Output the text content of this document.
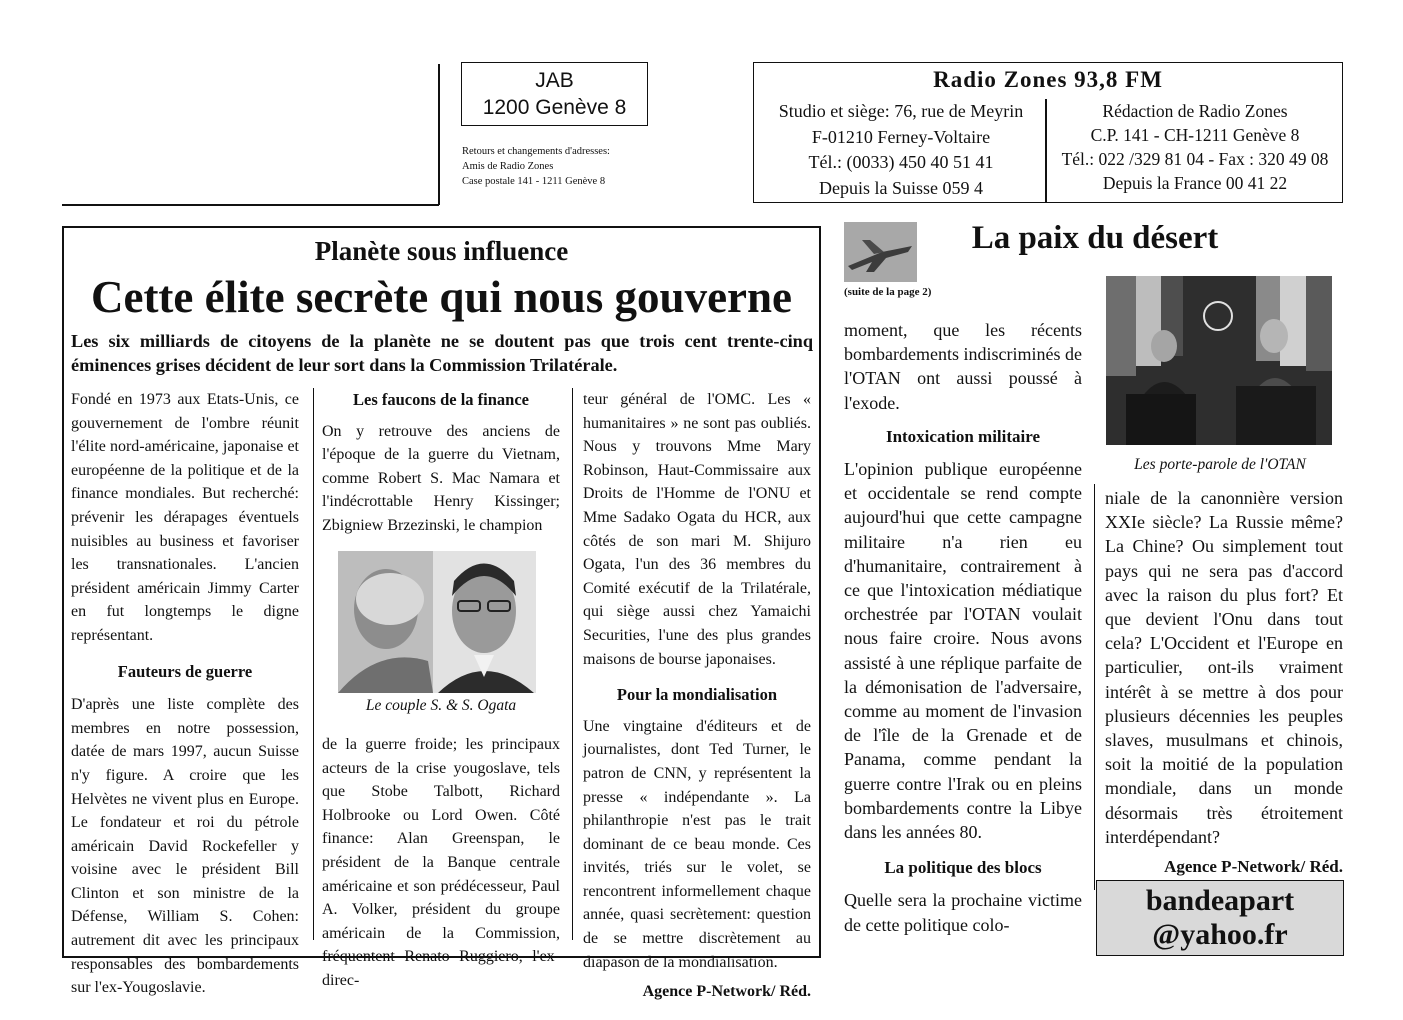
JAB
1200 Genève 8
Retours et changements d'adresses:
Amis de Radio Zones
Case postale 141 - 1211 Genève 8
Radio Zones 93,8 FM
Studio et siège: 76, rue de Meyrin
F-01210 Ferney-Voltaire
Tél.: (0033) 450 40 51 41
Depuis la Suisse 059 4
Rédaction de Radio Zones
C.P. 141 - CH-1211 Genève 8
Tél.: 022 /329 81 04 - Fax : 320 49 08
Depuis la France 00 41 22
Planète sous influence
Cette élite secrète qui nous gouverne
Les six milliards de citoyens de la planète ne se doutent pas que trois cent trente-cinq éminences grises décident de leur sort dans la Commission Trilatérale.

Fondé en 1973 aux Etats-Unis, ce gouvernement de l'ombre réunit l'élite nord-américaine, japonaise et européenne de la politique et de la finance mondiales. But recherché: prévenir les dérapages éventuels nuisibles au business et favoriser les transnationales. L'ancien président américain Jimmy Carter en fut longtemps le digne représentant.

Fauteurs de guerre

D'après une liste complète des membres en notre possession, datée de mars 1997, aucun Suisse n'y figure. A croire que les Helvètes ne vivent plus en Europe. Le fondateur et roi du pétrole américain David Rockefeller y voisine avec le président Bill Clinton et son ministre de la Défense, William S. Cohen: autrement dit avec les principaux responsables des bombardements sur l'ex-Yougoslavie.

Les faucons de la finance

On y retrouve des anciens de l'époque de la guerre du Vietnam, comme Robert S. Mac Namara et l'indécrottable Henry Kissinger; Zbigniew Brzezinski, le champion

Le couple S. & S. Ogata

de la guerre froide; les principaux acteurs de la crise yougoslave, tels que Stobe Talbott, Richard Holbrooke ou Lord Owen. Côté finance: Alan Greenspan, le président de la Banque centrale américaine et son prédécesseur, Paul A. Volker, président du groupe américain de la Commission, fréquentent Renato Ruggiero, l'ex-direc-

teur général de l'OMC. Les « humanitaires » ne sont pas oubliés. Nous y trouvons Mme Mary Robinson, Haut-Commissaire aux Droits de l'Homme de l'ONU et Mme Sadako Ogata du HCR, aux côtés de son mari M. Shijuro Ogata, l'un des 36 membres du Comité exécutif de la Trilatérale, qui siège aussi chez Yamaichi Securities, l'une des plus grandes maisons de bourse japonaises.

Pour la mondialisation

Une vingtaine d'éditeurs et de journalistes, dont Ted Turner, le patron de CNN, y représentent la presse « indépendante ». La philanthropie n'est pas le trait dominant de ce beau monde. Ces invités, triés sur le volet, se rencontrent informellement chaque année, quasi secrètement: question de se mettre discrètement au diapason de la mondialisation.

Agence P-Network/ Réd.
(suite de la page 2)
La paix du désert

moment, que les récents bombardements indiscriminés de l'OTAN ont aussi poussé à l'exode.

Intoxication militaire

L'opinion publique européenne et occidentale se rend compte aujourd'hui que cette campagne militaire n'a rien eu d'humanitaire, contrairement à ce que l'intoxication médiatique orchestrée par l'OTAN voulait nous faire croire. Nous avons assisté à une réplique parfaite de la démonisation de l'adversaire, comme au moment de l'invasion de l'île de la Grenade et de Panama, comme pendant la guerre contre l'Irak ou en pleins bombardements contre la Libye dans les années 80.

La politique des blocs

Quelle sera la prochaine victime de cette politique colo-

Les porte-parole de l'OTAN

niale de la canonnière version XXIe siècle? La Russie même? La Chine? Ou simplement tout pays qui ne sera pas d'accord avec la raison du plus fort? Et que devient l'Onu dans tout cela? L'Occident et l'Europe en particulier, ont-ils vraiment intérêt à se mettre à dos pour plusieurs décennies les peuples slaves, musulmans et chinois, soit la moitié de la population mondiale, dans un monde désormais très étroitement interdépendant?

Agence P-Network/ Réd.
bandeapart
@yahoo.fr
